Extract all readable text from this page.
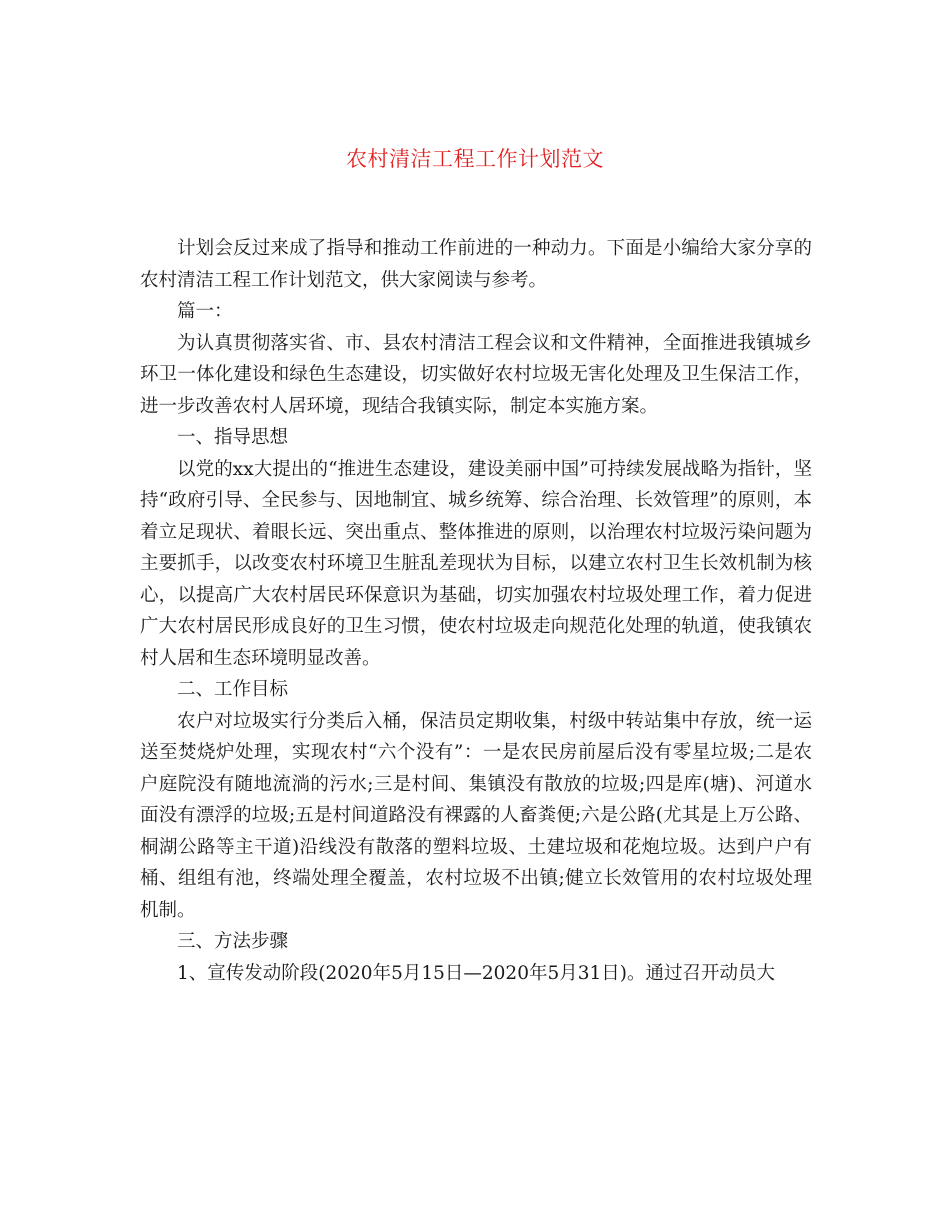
农村清洁工程工作计划范文

计划会反过来成了指导和推动工作前进的一种动力。下面是小编给大家分享的农村清洁工程工作计划范文，供大家阅读与参考。

篇一：

为认真贯彻落实省、市、县农村清洁工程会议和文件精神，全面推进我镇城乡环卫一体化建设和绿色生态建设，切实做好农村垃圾无害化处理及卫生保洁工作，进一步改善农村人居环境，现结合我镇实际，制定本实施方案。

一、指导思想

以党的xx大提出的“推进生态建设，建设美丽中国”可持续发展战略为指针，坚持“政府引导、全民参与、因地制宜、城乡统筹、综合治理、长效管理”的原则，本着立足现状、着眼长远、突出重点、整体推进的原则，以治理农村垃圾污染问题为主要抓手，以改变农村环境卫生脏乱差现状为目标，以建立农村卫生长效机制为核心，以提高广大农村居民环保意识为基础，切实加强农村垃圾处理工作，着力促进广大农村居民形成良好的卫生习惯，使农村垃圾走向规范化处理的轨道，使我镇农村人居和生态环境明显改善。

二、工作目标

农户对垃圾实行分类后入桶，保洁员定期收集，村级中转站集中存放，统一运送至焚烧炉处理，实现农村“六个没有”：一是农民房前屋后没有零星垃圾;二是农户庭院没有随地流淌的污水;三是村间、集镇没有散放的垃圾;四是库(塘)、河道水面没有漂浮的垃圾;五是村间道路没有裸露的人畜粪便;六是公路(尤其是上万公路、桐湖公路等主干道)沿线没有散落的塑料垃圾、土建垃圾和花炮垃圾。达到户户有桶、组组有池，终端处理全覆盖，农村垃圾不出镇;健立长效管用的农村垃圾处理机制。

三、方法步骤

1、宣传发动阶段(2020年5月15日—2020年5月31日)。通过召开动员大
